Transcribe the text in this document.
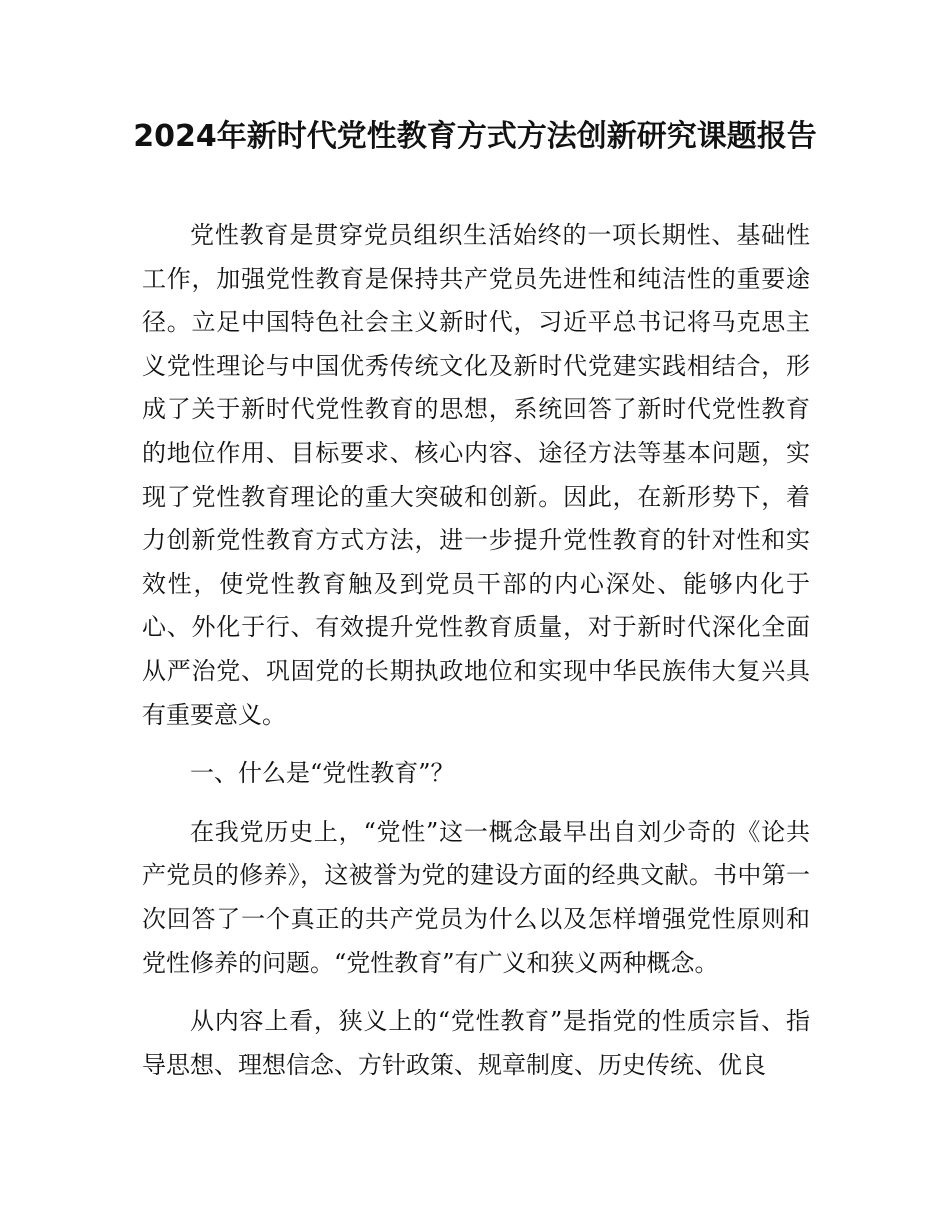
2024年新时代党性教育方式方法创新研究课题报告

党性教育是贯穿党员组织生活始终的一项长期性、基础性工作，加强党性教育是保持共产党员先进性和纯洁性的重要途径。立足中国特色社会主义新时代，习近平总书记将马克思主义党性理论与中国优秀传统文化及新时代党建实践相结合，形成了关于新时代党性教育的思想，系统回答了新时代党性教育的地位作用、目标要求、核心内容、途径方法等基本问题，实现了党性教育理论的重大突破和创新。因此，在新形势下，着力创新党性教育方式方法，进一步提升党性教育的针对性和实效性，使党性教育触及到党员干部的内心深处、能够内化于心、外化于行、有效提升党性教育质量，对于新时代深化全面从严治党、巩固党的长期执政地位和实现中华民族伟大复兴具有重要意义。

一、什么是“党性教育”？

在我党历史上，“党性”这一概念最早出自刘少奇的《论共产党员的修养》，这被誉为党的建设方面的经典文献。书中第一次回答了一个真正的共产党员为什么以及怎样增强党性原则和党性修养的问题。“党性教育”有广义和狭义两种概念。

从内容上看，狭义上的“党性教育”是指党的性质宗旨、指导思想、理想信念、方针政策、规章制度、历史传统、优良
